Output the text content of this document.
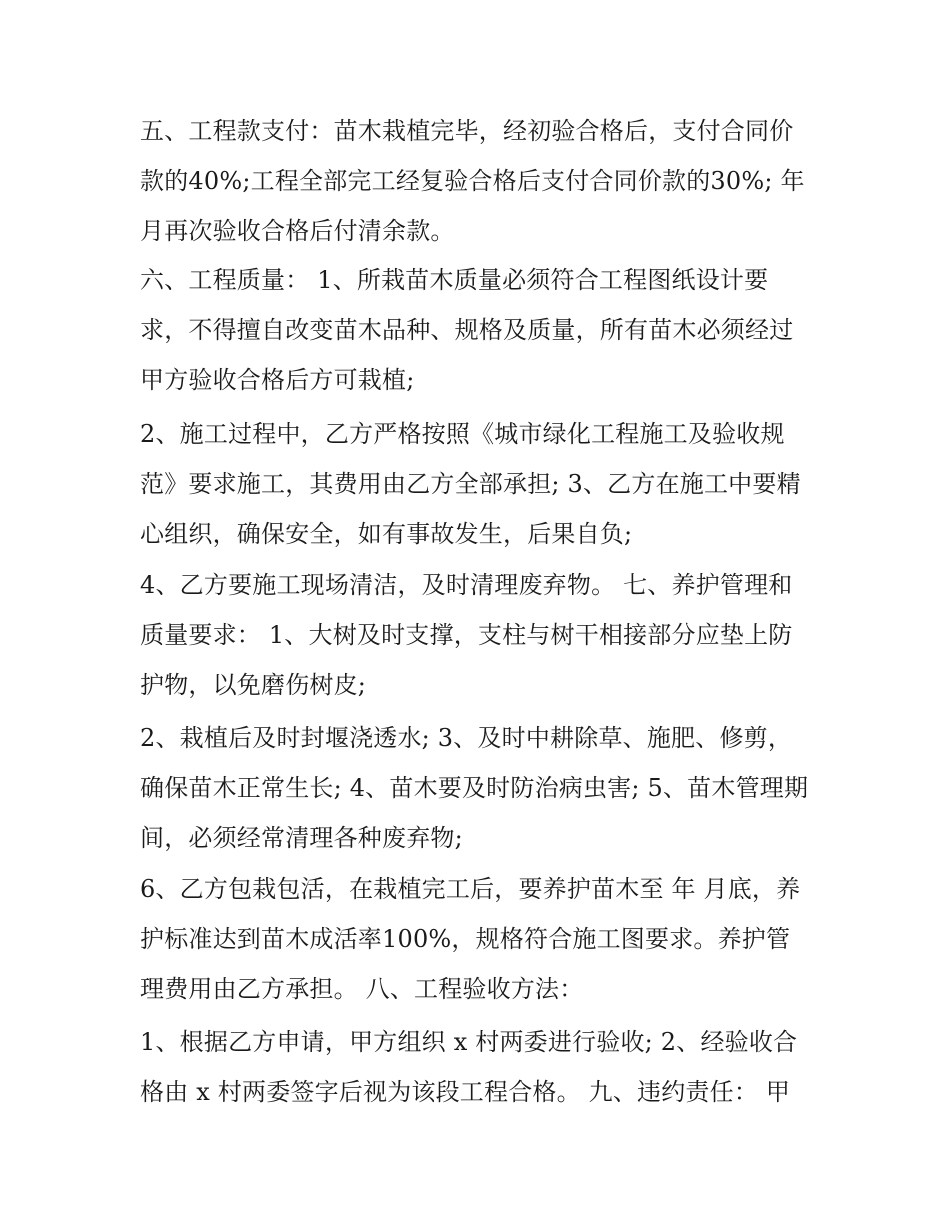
五、工程款支付：苗木栽植完毕，经初验合格后，支付合同价
款的40%;工程全部完工经复验合格后支付合同价款的30%; 年
月再次验收合格后付清余款。
六、工程质量： 1、所栽苗木质量必须符合工程图纸设计要
求，不得擅自改变苗木品种、规格及质量，所有苗木必须经过
甲方验收合格后方可栽植;
2、施工过程中，乙方严格按照《城市绿化工程施工及验收规
范》要求施工，其费用由乙方全部承担; 3、乙方在施工中要精
心组织，确保安全，如有事故发生，后果自负;
4、乙方要施工现场清洁，及时清理废弃物。 七、养护管理和
质量要求： 1、大树及时支撑，支柱与树干相接部分应垫上防
护物，以免磨伤树皮;
2、栽植后及时封堰浇透水; 3、及时中耕除草、施肥、修剪，
确保苗木正常生长; 4、苗木要及时防治病虫害; 5、苗木管理期
间，必须经常清理各种废弃物;
6、乙方包栽包活，在栽植完工后，要养护苗木至 年 月底，养
护标准达到苗木成活率100%，规格符合施工图要求。养护管
理费用由乙方承担。 八、工程验收方法：
1、根据乙方申请，甲方组织 x 村两委进行验收; 2、经验收合
格由 x 村两委签字后视为该段工程合格。 九、违约责任： 甲
